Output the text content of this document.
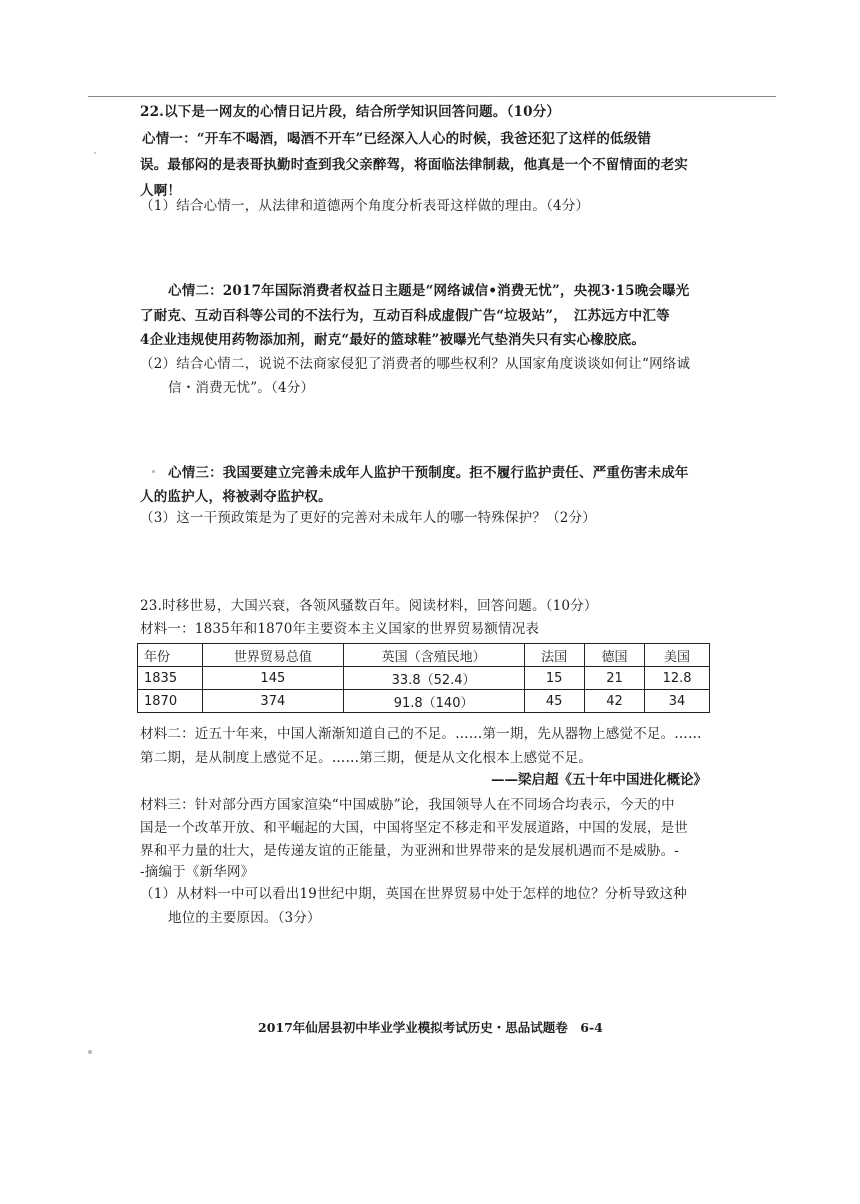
22.以下是一网友的心情日记片段，结合所学知识回答问题。（10分）
心情一：“开车不喝酒，喝酒不开车”已经深入人心的时候，我爸还犯了这样的低级错
误。最郁闷的是表哥执勤时查到我父亲醉驾，将面临法律制裁，他真是一个不留情面的老实
人啊！
（1）结合心情一，从法律和道德两个角度分析表哥这样做的理由。（4分）
心情二：2017年国际消费者权益日主题是“网络诚信•消费无忧”，央视3·15晚会曝光
了耐克、互动百科等公司的不法行为，互动百科成虚假广告“垃圾站”，　江苏远方中汇等
4企业违规使用药物添加剂，耐克“最好的篮球鞋”被曝光气垫消失只有实心橡胶底。
（2）结合心情二，说说不法商家侵犯了消费者的哪些权利？从国家角度谈谈如何让“网络诚
信・消费无忧”。（4分）
心情三：我国要建立完善未成年人监护干预制度。拒不履行监护责任、严重伤害未成年
人的监护人，将被剥夺监护权。
（3）这一干预政策是为了更好的完善对未成年人的哪一特殊保护？（2分）
23.时移世易，大国兴衰，各领风骚数百年。阅读材料，回答问题。（10分）
材料一：1835年和1870年主要资本主义国家的世界贸易额情况表
年份	世界贸易总值	英国（含殖民地）	法国	德国	美国
1835	145	33.8（52.4）	15	21	12.8
1870	374	91.8（140）	45	42	34
材料二：近五十年来，中国人渐渐知道自己的不足。……第一期，先从器物上感觉不足。……
第二期，是从制度上感觉不足。……第三期，便是从文化根本上感觉不足。
——梁启超《五十年中国进化概论》
材料三：针对部分西方国家渲染“中国威胁”论，我国领导人在不同场合均表示，今天的中
国是一个改革开放、和平崛起的大国，中国将坚定不移走和平发展道路，中国的发展，是世
界和平力量的壮大，是传递友谊的正能量，为亚洲和世界带来的是发展机遇而不是威胁。-
-摘编于《新华网》
（1）从材料一中可以看出19世纪中期，英国在世界贸易中处于怎样的地位？分析导致这种
地位的主要原因。（3分）
2017年仙居县初中毕业学业模拟考试历史・思品试题卷　6-4
